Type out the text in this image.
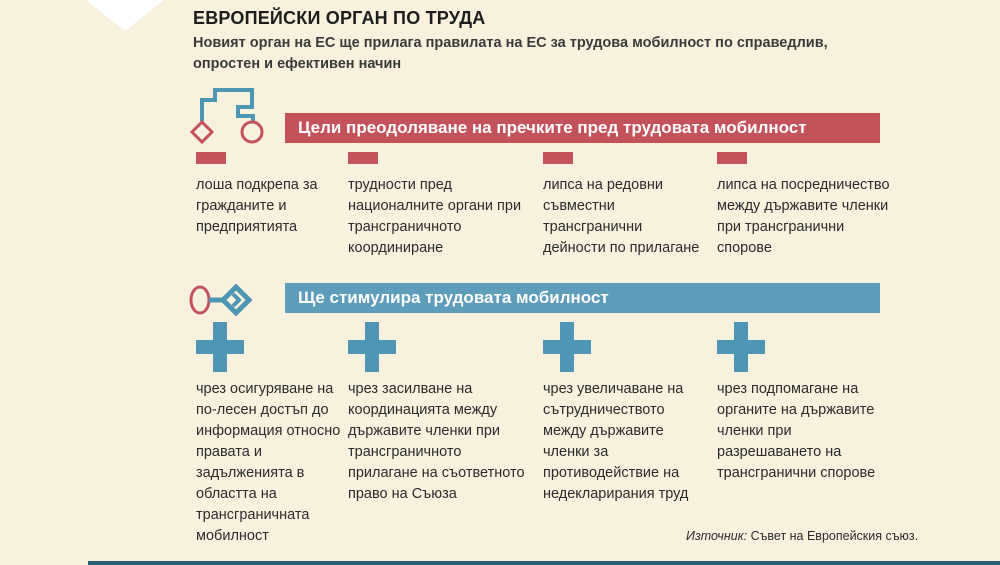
ЕВРОПЕЙСКИ ОРГАН ПО ТРУДА
Новият орган на ЕС ще прилага правилата на ЕС за трудова мобилност по справедлив, опростен и ефективен начин
Цели преодоляване на пречките пред трудовата мобилност
лоша подкрепа за гражданите и предприятията
трудности пред националните органи при трансграничното координиране
липса на редовни съвместни трансгранични дейности по прилагане
липса на посредничество между държавите членки при трансгранични спорове
Ще стимулира трудовата мобилност
чрез осигуряване на по-лесен достъп до информация относно правата и задълженията в областта на трансграничната мобилност
чрез засилване на координацията между държавите членки при трансграничното прилагане на съответното право на Съюза
чрез увеличаване на сътрудничеството между държавите членки за противодействие на недекларирания труд
чрез подпомагане на органите на държавите членки при разрешаването на трансгранични спорове
Източник: Съвет на Европейския съюз.
